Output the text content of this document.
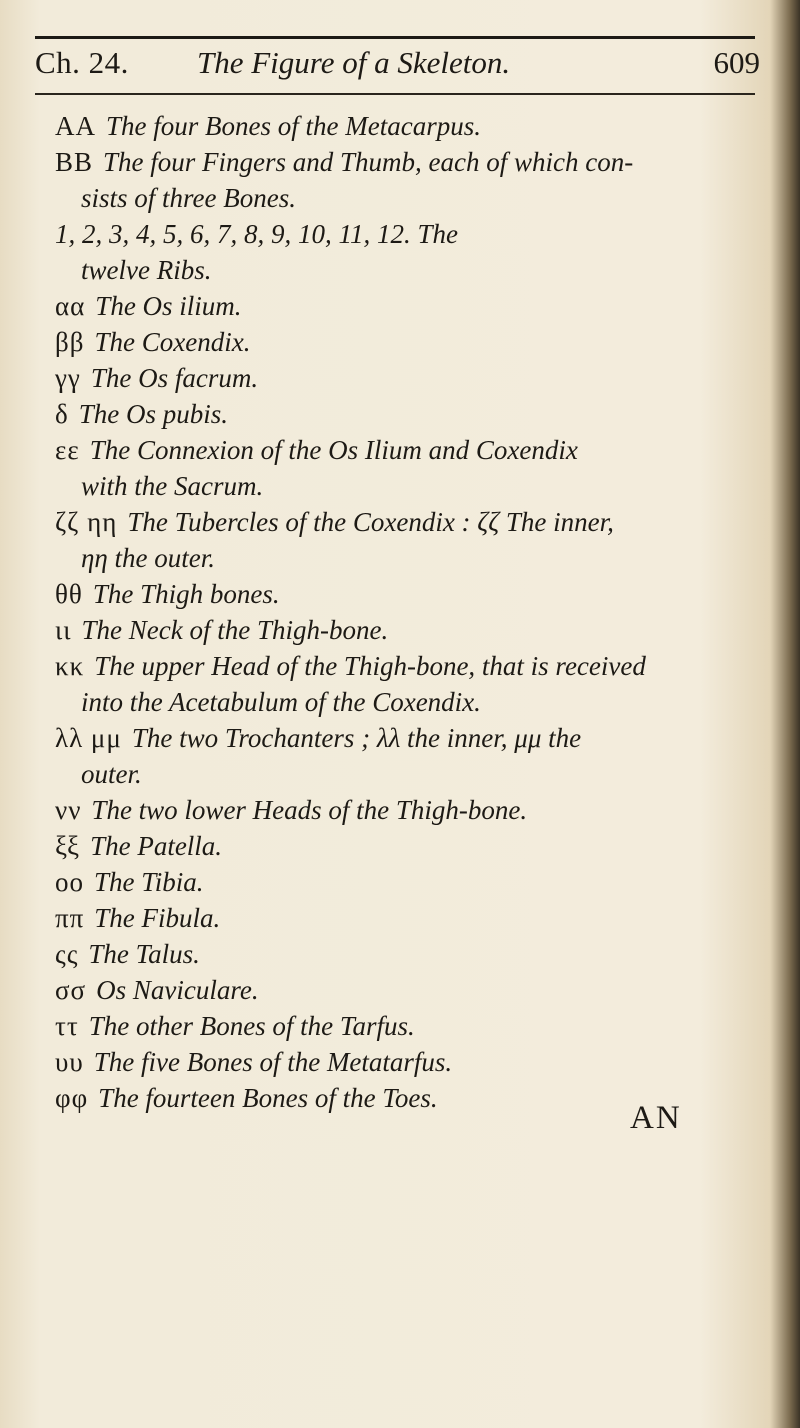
Ch. 24. The Figure of a Skeleton.	609
AA The four Bones of the Metacarpus.
BB The four Fingers and Thumb, each of which con-
sists of three Bones.
1, 2, 3, 4, 5, 6, 7, 8, 9, 10, 11, 12. The
twelve Ribs.
αα The Os ilium.
ββ The Coxendix.
γγ The Os facrum.
δ The Os pubis.
εε The Connexion of the Os Ilium and Coxendix
with the Sacrum.
ζζ ηη The Tubercles of the Coxendix : ζζ The inner,
ηη the outer.
θθ The Thigh bones.
ιι The Neck of the Thigh-bone.
κκ The upper Head of the Thigh-bone, that is received
into the Acetabulum of the Coxendix.
λλ μμ The two Trochanters ; λλ the inner, μμ the
outer.
νν The two lower Heads of the Thigh-bone.
ξξ The Patella.
οο The Tibia.
ππ The Fibula.
ςς The Talus.
σσ Os Naviculare.
ττ The other Bones of the Tarfus.
υυ The five Bones of the Metatarfus.
φφ The fourteen Bones of the Toes.
AN
